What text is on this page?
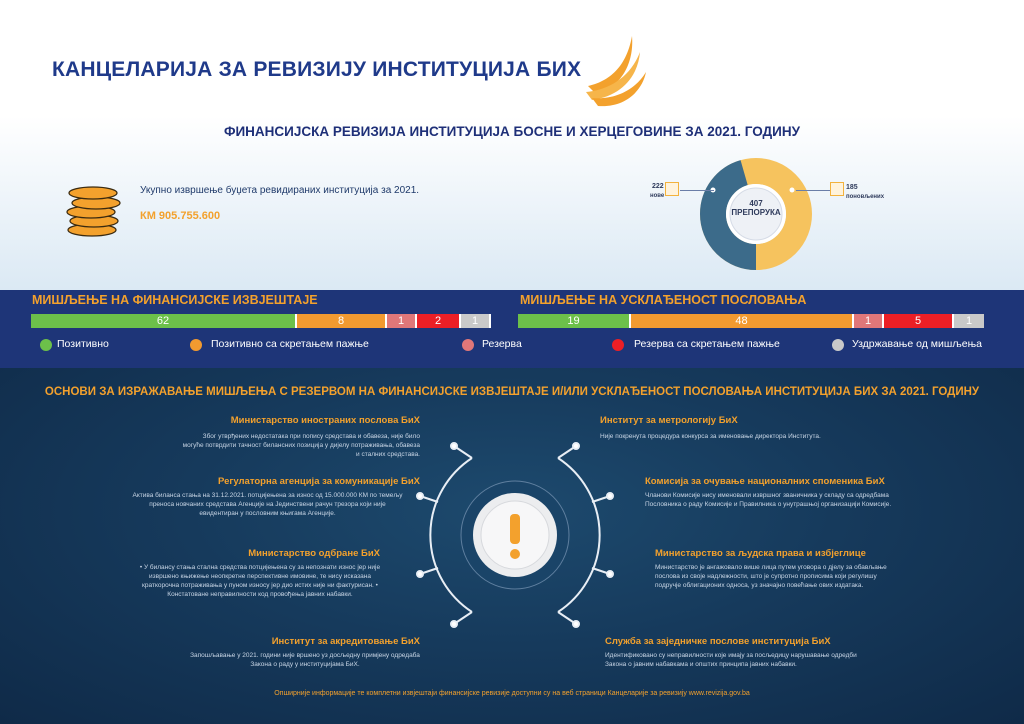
КАНЦЕЛАРИЈА ЗА РЕВИЗИЈУ ИНСТИТУЦИЈА БИХ
ФИНАНСИЈСКА РЕВИЗИЈА ИНСТИТУЦИЈА БОСНЕ И ХЕРЦЕГОВИНЕ ЗА 2021. ГОДИНУ
Укупно извршење буџета ревидираних институција за 2021.
КМ 905.755.600
407
ПРЕПОРУКА
222
нове
185
поновљених
МИШЉЕЊЕ НА ФИНАНСИЈСКЕ ИЗВЈЕШТАЈЕ	МИШЉЕЊЕ НА УСКЛАЂЕНОСТ ПОСЛОВАЊА
62	8	1	2	1	19	48	1	5	1
Позитивно	Позитивно са скретањем пажње	Резерва	Резерва са скретањем пажње	Уздржавање од мишљења
ОСНОВИ ЗА ИЗРАЖАВАЊЕ МИШЉЕЊА С РЕЗЕРВОМ НА ФИНАНСИЈСКЕ ИЗВЈЕШТАЈЕ И/ИЛИ УСКЛАЂЕНОСТ ПОСЛОВАЊА ИНСТИТУЦИЈА БИХ ЗА 2021. ГОДИНУ
Министарство иностраних послова БиХ
Због утврђених недостатака при попису средстава и обавеза, није било могуће потврдити тачност билансних позиција у дијелу потраживања, обавеза и сталних средстава.
Регулаторна агенција за комуникације БиХ
Актива биланса стања на 31.12.2021. потцијењена за износ од 15.000.000 КМ по темељу преноса новчаних средстава Агенције на Јединствени рачун трезора који није евидентиран у пословним књигама Агенције.
Министарство одбране БиХ
• У билансу стања стална средства потцијењена су за непознати износ јер није извршено књижење неопкретне перспективне имовине, те нису исказана краткорочна потраживања у пуном износу јер дио истих није ни фактурисан. • Констатоване неправилности код провођења јавних набавки.
Институт за акредитовање БиХ
Запошљавање у 2021. години није вршено уз досљедну примјену одредаба Закона о раду у институцијама БиХ.
Институт за метрологију БиХ
Није покренута процедура конкурса за именовање директора Института.
Комисија за очување националних споменика БиХ
Чланови Комисије нису именовали извршног званичника у складу са одредбама Пословника о раду Комисије и Правилника о унутрашњој организацији Комисије.
Министарство за људска права и избјеглице
Министарство је ангажовало више лица путем уговора о дјелу за обављање послова из своје надлежности, што је супротно прописима који регулишу подручје облигационих односа, уз значајно повећање ових издатака.
Служба за заједничке послове институција БиХ
Идентификовано су неправилности које имају за посљедицу нарушавање одредби Закона о јавним набавкама и општих принципа јавних набавки.
Опширније информације те комплетни извјештаји финансијске ревизије доступни су на веб страници Канцеларије за ревизију www.revizija.gov.ba
